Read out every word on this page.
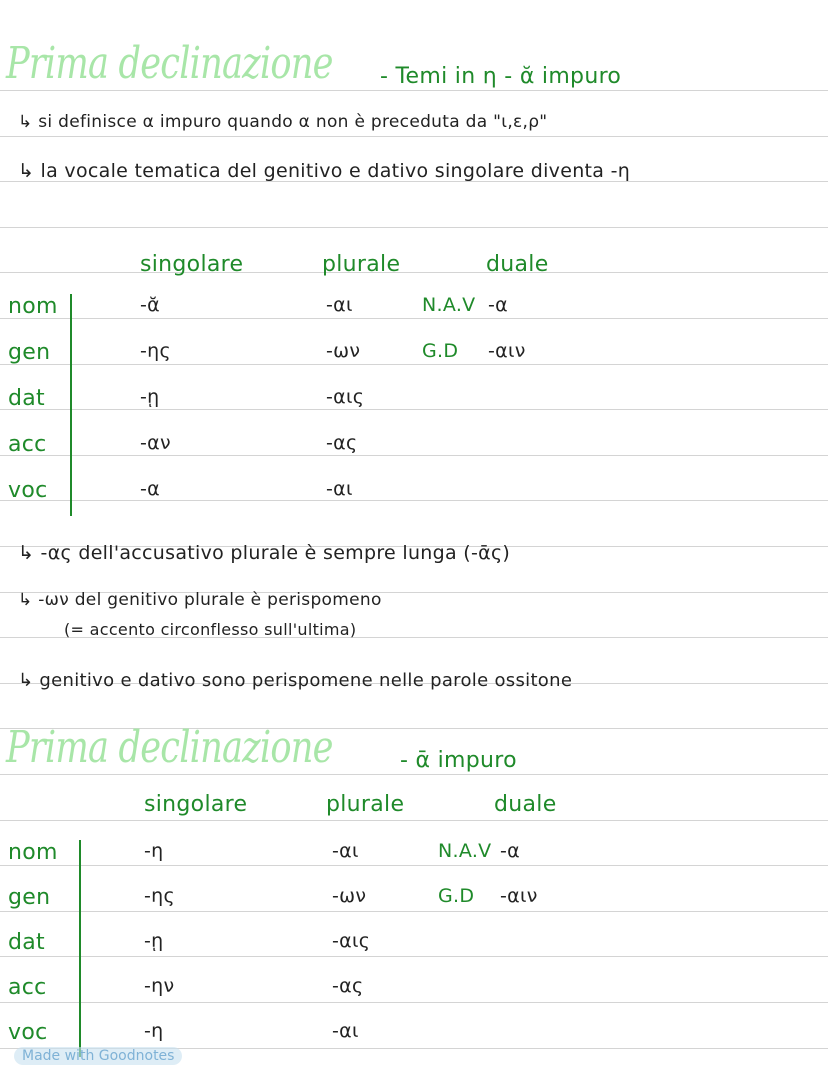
Prima declinazione - Temi in η - ᾰ impuro
↳ si definisce α impuro quando α non è preceduta da "ι,ε,ρ"
↳ la vocale tematica del genitivo e dativo singolare diventa -η
singolare	plurale	duale
nom	-ᾰ	-αι	N.A.V -α
gen	-ης	-ων	G.D -αιν
dat	-ῃ	-αις
acc	-αν	-ας
voc	-α	-αι
↳ -ας dell'accusativo plurale è sempre lunga (-ᾱς)
↳ -ων del genitivo plurale è perispomeno
(= accento circonflesso sull'ultima)
↳ genitivo e dativo sono perispomene nelle parole ossitone
Prima declinazione	- ᾱ impuro
singolare	plurale	duale
nom	-η	-αι	N.A.V -α
gen	-ης	-ων	G.D -αιν
dat	-ῃ	-αις
acc	-ην	-ας
voc	-η	-αι
Made with Goodnotes
